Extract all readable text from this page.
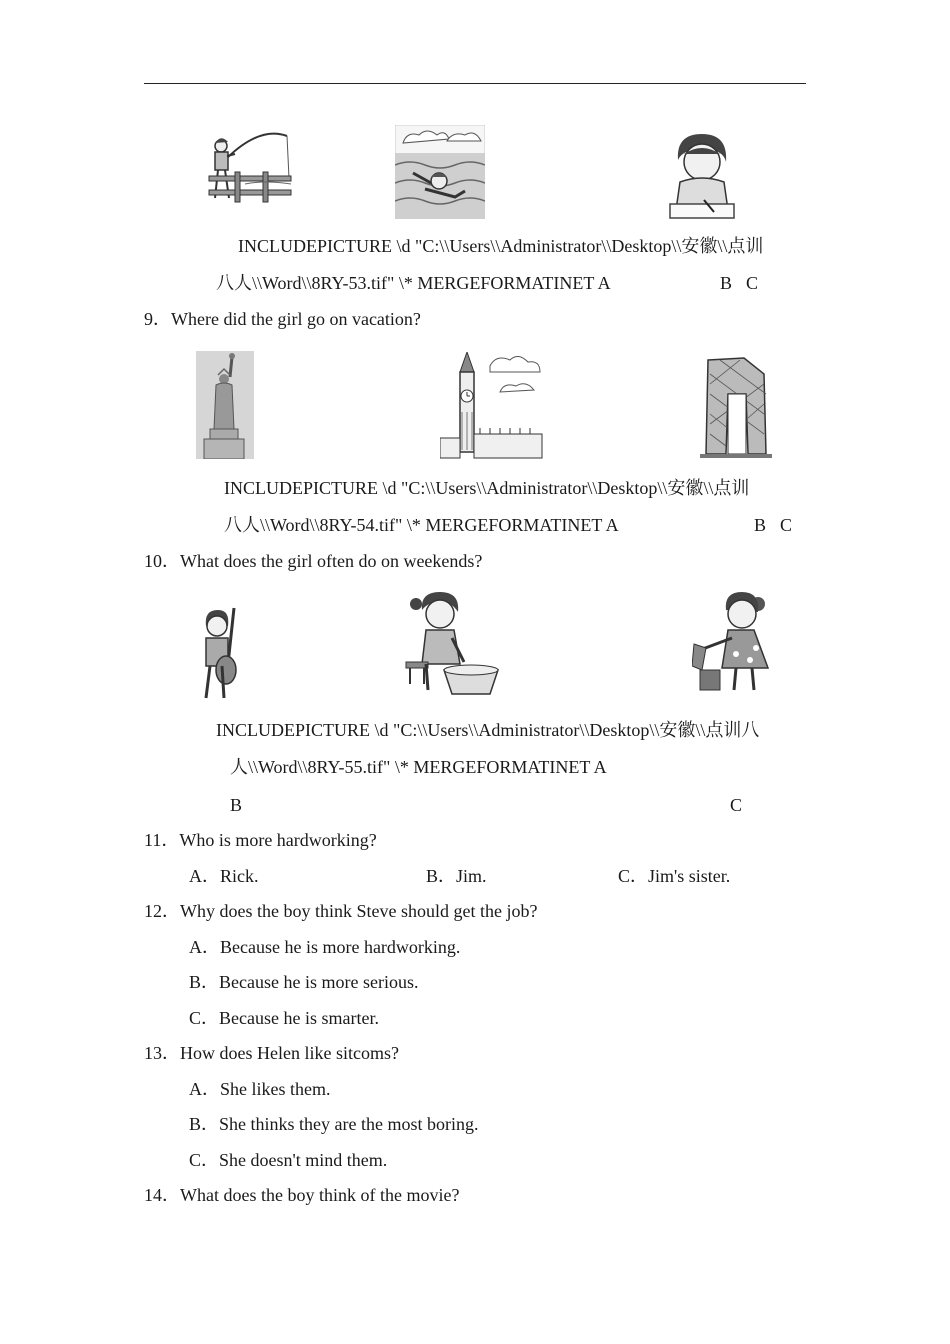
INCLUDEPICTURE \d "C:\\Users\\Administrator\\Desktop\\安徽\\点训
八人\\Word\\8RY-53.tif" \* MERGEFORMATINET A	B C
9．Where did the girl go on vacation?
INCLUDEPICTURE \d "C:\\Users\\Administrator\\Desktop\\安徽\\点训
八人\\Word\\8RY-54.tif" \* MERGEFORMATINET A	B C
10．What does the girl often do on weekends?
INCLUDEPICTURE \d "C:\\Users\\Administrator\\Desktop\\安徽\\点训八
人\\Word\\8RY-55.tif" \* MERGEFORMATINET A
B	C
11．Who is more hardworking?
A．Rick.	B．Jim.	C．Jim's sister.
12．Why does the boy think Steve should get the job?
A．Because he is more hardworking.
B．Because he is more serious.
C．Because he is smarter.
13．How does Helen like sitcoms?
A．She likes them.
B．She thinks they are the most boring.
C．She doesn't mind them.
14．What does the boy think of the movie?
